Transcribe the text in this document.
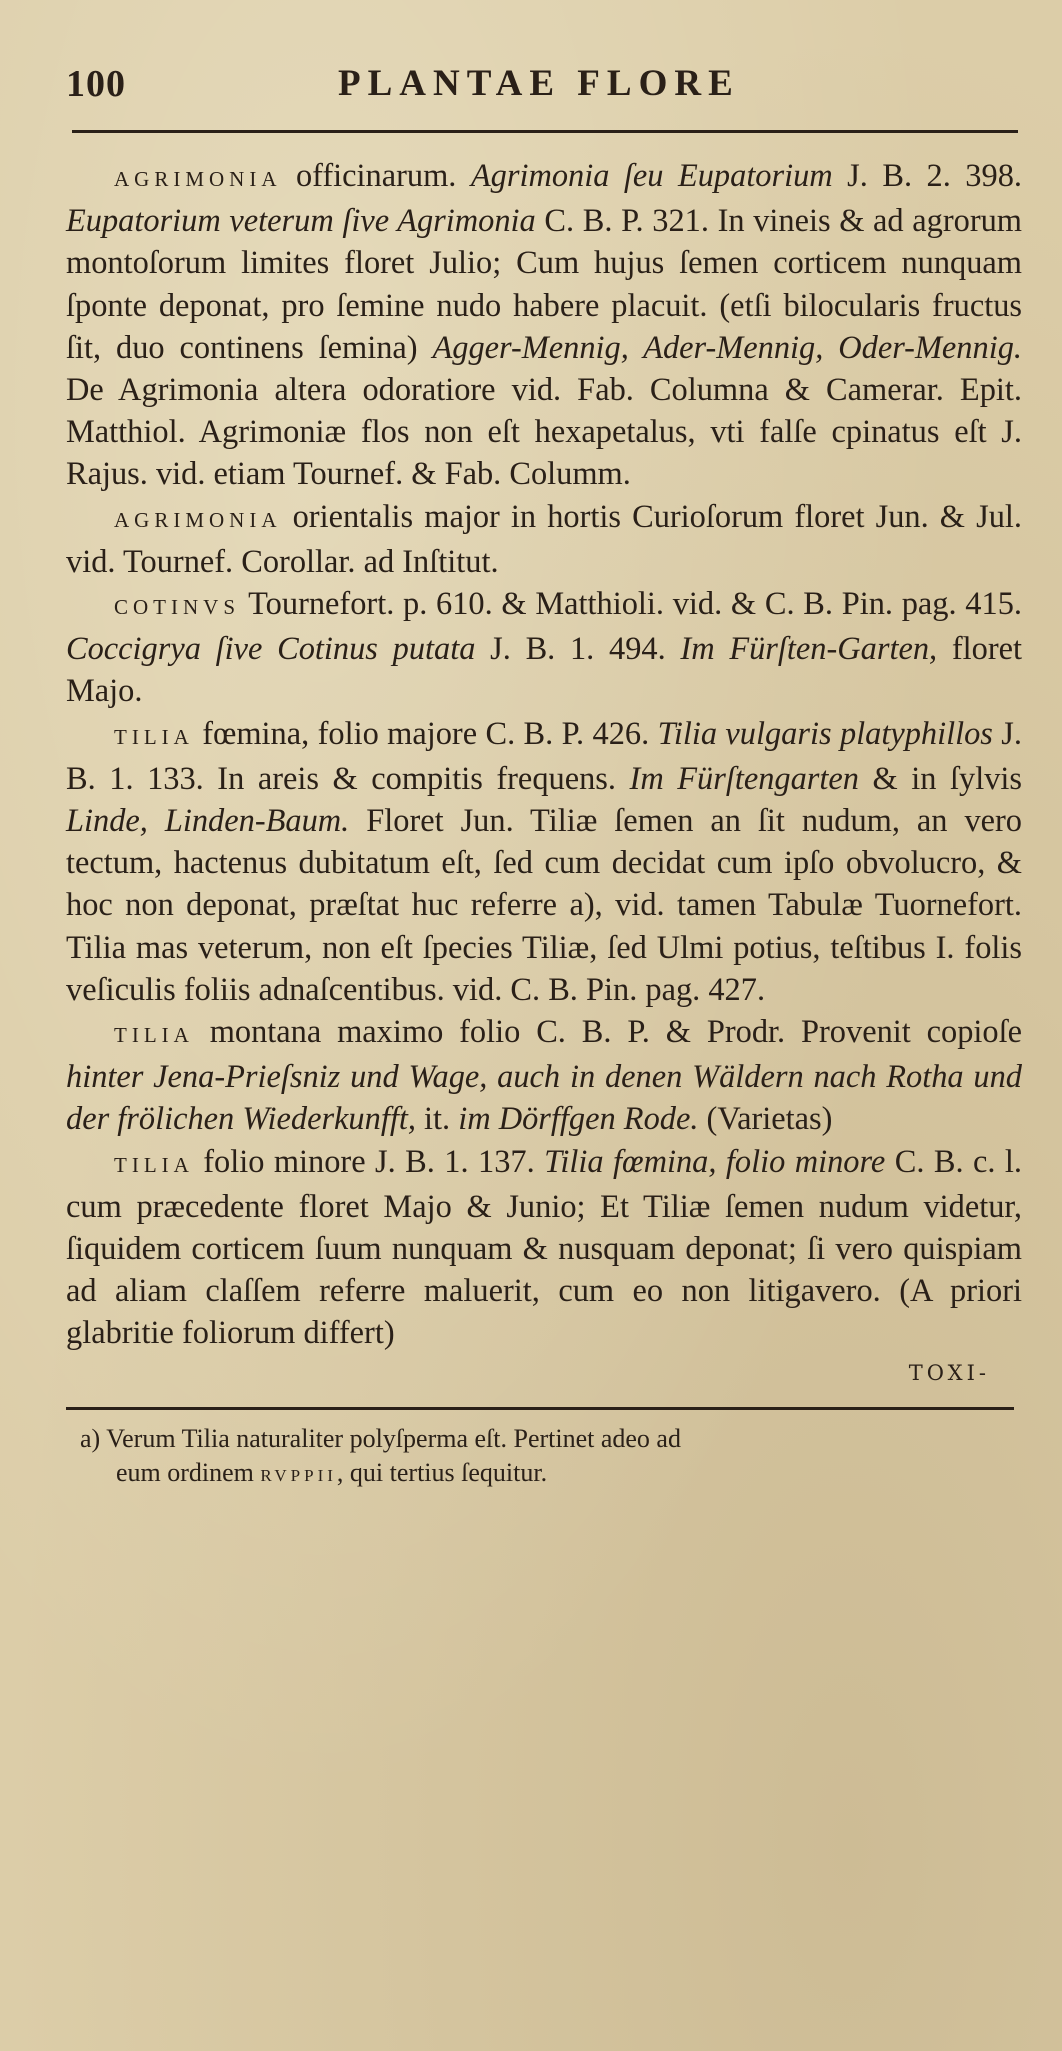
100	PLANTAE FLORE

AGRIMONIA officinarum. Agrimonia ſeu Eupatorium J. B. 2. 398. Eupatorium veterum ſive Agrimonia C. B. P. 321. In vineis & ad agrorum montoſorum limites floret Julio; Cum hujus ſemen corticem nunquam ſponte deponat, pro ſemine nudo habere placuit. (etſi bilocularis fructus ſit, duo continens ſemina) Agger-Mennig, Ader-Mennig, Oder-Mennig. De Agrimonia altera odoratiore vid. Fab. Columna & Camerar. Epit. Matthiol. Agrimoniæ flos non eſt hexapetalus, vti falſe cpinatus eſt J. Rajus. vid. etiam Tournef. & Fab. Columm.

AGRIMONIA orientalis major in hortis Curioſorum floret Jun. & Jul. vid. Tournef. Corollar. ad Inſtitut.

COTINVS Tournefort. p. 610. & Matthioli. vid. & C. B. Pin. pag. 415. Coccigrya ſive Cotinus putata J. B. 1. 494. Im Fürſten-Garten, floret Majo.

TILIA fœmina, folio majore C. B. P. 426. Tilia vulgaris platyphillos J. B. 1. 133. In areis & compitis frequens. Im Fürſtengarten & in ſylvis Linde, Linden-Baum. Floret Jun. Tiliæ ſemen an ſit nudum, an vero tectum, hactenus dubitatum eſt, ſed cum decidat cum ipſo obvolucro, & hoc non deponat, præſtat huc referre a), vid. tamen Tabulæ Tuornefort. Tilia mas veterum, non eſt ſpecies Tiliæ, ſed Ulmi potius, teſtibus I. folis veſiculis foliis adnaſcentibus. vid. C. B. Pin. pag. 427.

TILIA montana maximo folio C. B. P. & Prodr. Provenit copioſe hinter Jena-Prieſsniz und Wage, auch in denen Wäldern nach Rotha und der frölichen Wiederkunfft, it. im Dörffgen Rode. (Varietas)

TILIA folio minore J. B. 1. 137. Tilia fœmina, folio minore C. B. c. l. cum præcedente floret Majo & Junio; Et Tiliæ ſemen nudum videtur, ſiquidem corticem ſuum nunquam & nusquam deponat; ſi vero quispiam ad aliam claſſem referre maluerit, cum eo non litigavero. (A priori glabritie foliorum differt)

TOXI-
a) Verum Tilia naturaliter polyſperma eſt. Pertinet adeo ad
eum ordinem RVPPII, qui tertius ſequitur.
